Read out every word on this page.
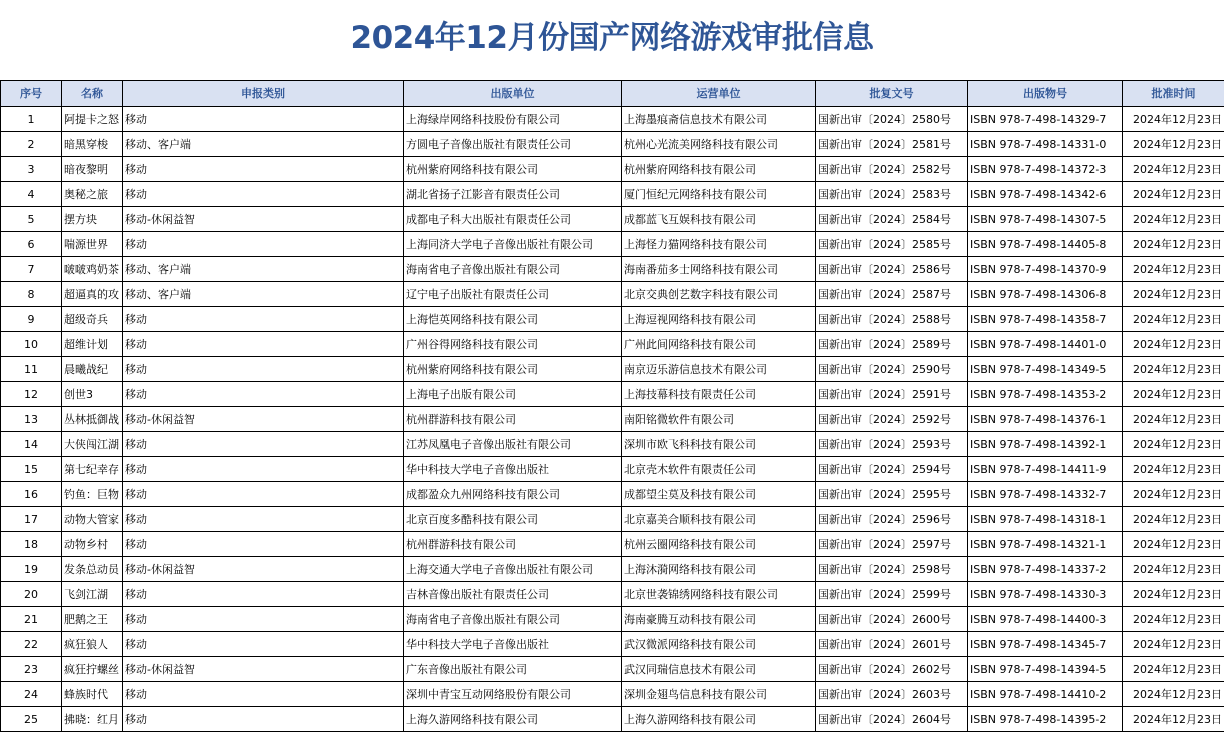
2024年12月份国产网络游戏审批信息
序号	名称	申报类别	出版单位	运营单位	批复文号	出版物号	批准时间
1	阿提卡之怒	移动	上海绿岸网络科技股份有限公司	上海墨痕斋信息技术有限公司	国新出审〔2024〕2580号	ISBN 978-7-498-14329-7	2024年12月23日
2	暗黑穿梭	移动、客户端	方圆电子音像出版社有限责任公司	杭州心光流美网络科技有限公司	国新出审〔2024〕2581号	ISBN 978-7-498-14331-0	2024年12月23日
3	暗夜黎明	移动	杭州紫府网络科技有限公司	杭州紫府网络科技有限公司	国新出审〔2024〕2582号	ISBN 978-7-498-14372-3	2024年12月23日
4	奥秘之旅	移动	湖北省扬子江影音有限责任公司	厦门恒纪元网络科技有限公司	国新出审〔2024〕2583号	ISBN 978-7-498-14342-6	2024年12月23日
5	摆方块	移动-休闲益智	成都电子科大出版社有限责任公司	成都蓝飞互娱科技有限公司	国新出审〔2024〕2584号	ISBN 978-7-498-14307-5	2024年12月23日
6	喘源世界	移动	上海同济大学电子音像出版社有限公司	上海怪力猫网络科技有限公司	国新出审〔2024〕2585号	ISBN 978-7-498-14405-8	2024年12月23日
7	啵啵鸡奶茶	移动、客户端	海南省电子音像出版社有限公司	海南番茄多士网络科技有限公司	国新出审〔2024〕2586号	ISBN 978-7-498-14370-9	2024年12月23日
8	超逼真的攻	移动、客户端	辽宁电子出版社有限责任公司	北京交典创艺数字科技有限公司	国新出审〔2024〕2587号	ISBN 978-7-498-14306-8	2024年12月23日
9	超级奇兵	移动	上海恺英网络科技有限公司	上海逗视网络科技有限公司	国新出审〔2024〕2588号	ISBN 978-7-498-14358-7	2024年12月23日
10	超维计划	移动	广州谷得网络科技有限公司	广州此间网络科技有限公司	国新出审〔2024〕2589号	ISBN 978-7-498-14401-0	2024年12月23日
11	晨曦战纪	移动	杭州紫府网络科技有限公司	南京迈乐游信息技术有限公司	国新出审〔2024〕2590号	ISBN 978-7-498-14349-5	2024年12月23日
12	创世3	移动	上海电子出版有限公司	上海技幕科技有限责任公司	国新出审〔2024〕2591号	ISBN 978-7-498-14353-2	2024年12月23日
13	丛林抵御战	移动-休闲益智	杭州群游科技有限公司	南阳铭微软件有限公司	国新出审〔2024〕2592号	ISBN 978-7-498-14376-1	2024年12月23日
14	大侠闯江湖	移动	江苏凤凰电子音像出版社有限公司	深圳市欧飞科科技有限公司	国新出审〔2024〕2593号	ISBN 978-7-498-14392-1	2024年12月23日
15	第七纪幸存	移动	华中科技大学电子音像出版社	北京壳木软件有限责任公司	国新出审〔2024〕2594号	ISBN 978-7-498-14411-9	2024年12月23日
16	钓鱼：巨物	移动	成都盈众九州网络科技有限公司	成都望尘莫及科技有限公司	国新出审〔2024〕2595号	ISBN 978-7-498-14332-7	2024年12月23日
17	动物大管家	移动	北京百度多酷科技有限公司	北京嘉美合顺科技有限公司	国新出审〔2024〕2596号	ISBN 978-7-498-14318-1	2024年12月23日
18	动物乡村	移动	杭州群游科技有限公司	杭州云圈网络科技有限公司	国新出审〔2024〕2597号	ISBN 978-7-498-14321-1	2024年12月23日
19	发条总动员	移动-休闲益智	上海交通大学电子音像出版社有限公司	上海沐漪网络科技有限公司	国新出审〔2024〕2598号	ISBN 978-7-498-14337-2	2024年12月23日
20	飞剑江湖	移动	吉林音像出版社有限责任公司	北京世袭锦绣网络科技有限公司	国新出审〔2024〕2599号	ISBN 978-7-498-14330-3	2024年12月23日
21	肥鹅之王	移动	海南省电子音像出版社有限公司	海南豪腾互动科技有限公司	国新出审〔2024〕2600号	ISBN 978-7-498-14400-3	2024年12月23日
22	疯狂狼人	移动	华中科技大学电子音像出版社	武汉微派网络科技有限公司	国新出审〔2024〕2601号	ISBN 978-7-498-14345-7	2024年12月23日
23	疯狂拧螺丝	移动-休闲益智	广东音像出版社有限公司	武汉同瑞信息技术有限公司	国新出审〔2024〕2602号	ISBN 978-7-498-14394-5	2024年12月23日
24	蜂族时代	移动	深圳中青宝互动网络股份有限公司	深圳金翅鸟信息科技有限公司	国新出审〔2024〕2603号	ISBN 978-7-498-14410-2	2024年12月23日
25	拂晓：红月	移动	上海久游网络科技有限公司	上海久游网络科技有限公司	国新出审〔2024〕2604号	ISBN 978-7-498-14395-2	2024年12月23日
